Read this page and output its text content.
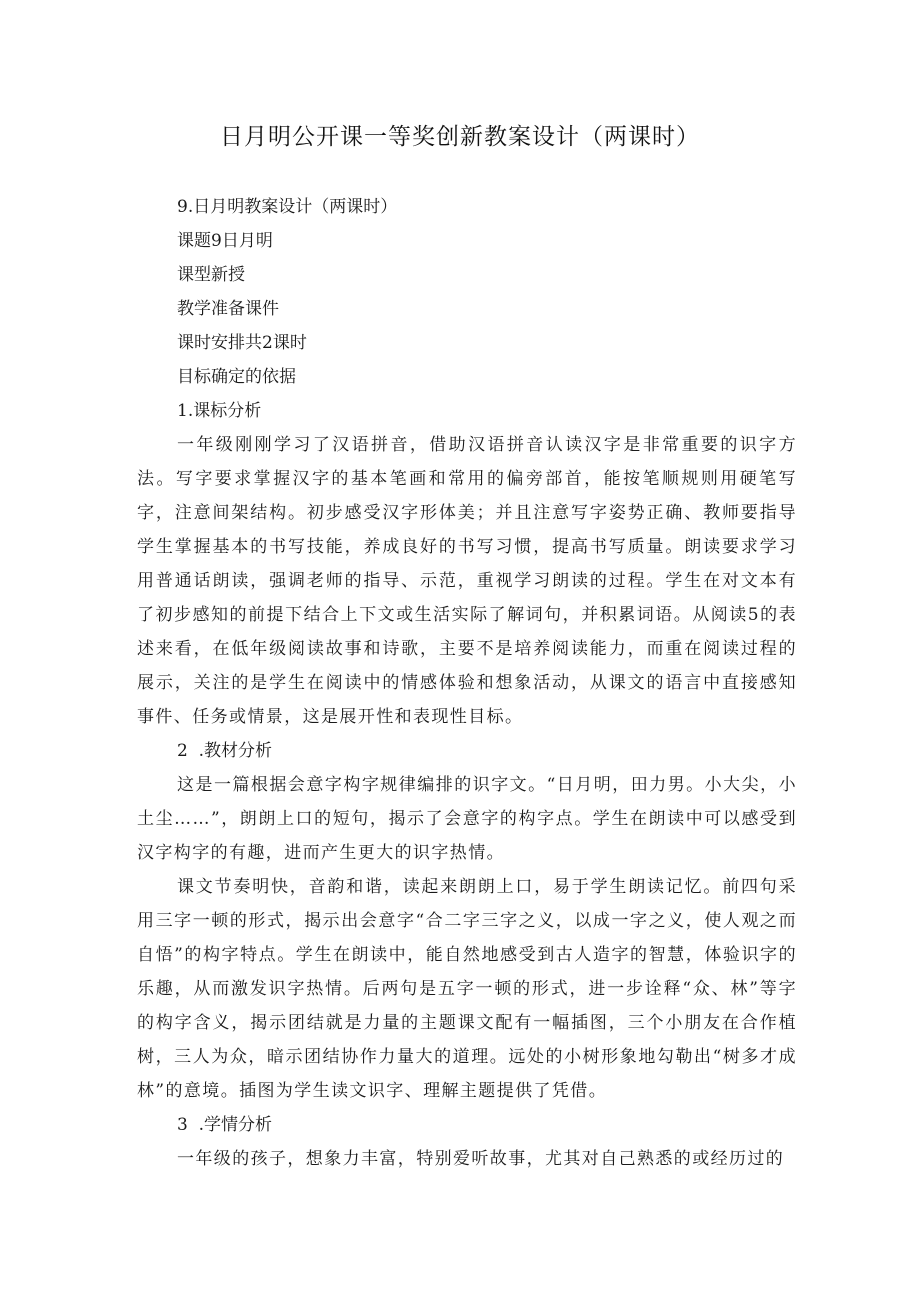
日月明公开课一等奖创新教案设计（两课时）

9.日月明教案设计（两课时）

课题9日月明

课型新授

教学准备课件

课时安排共2课时

目标确定的依据

1.课标分析

一年级刚刚学习了汉语拼音，借助汉语拼音认读汉字是非常重要的识字方法。写字要求掌握汉字的基本笔画和常用的偏旁部首，能按笔顺规则用硬笔写字，注意间架结构。初步感受汉字形体美；并且注意写字姿势正确、教师要指导学生掌握基本的书写技能，养成良好的书写习惯，提高书写质量。朗读要求学习用普通话朗读，强调老师的指导、示范，重视学习朗读的过程。学生在对文本有了初步感知的前提下结合上下文或生活实际了解词句，并积累词语。从阅读5的表述来看，在低年级阅读故事和诗歌，主要不是培养阅读能力，而重在阅读过程的展示，关注的是学生在阅读中的情感体验和想象活动，从课文的语言中直接感知事件、任务或情景，这是展开性和表现性目标。

2  .教材分析

这是一篇根据会意字构字规律编排的识字文。“日月明，田力男。小大尖，小土尘……”，朗朗上口的短句，揭示了会意字的构字点。学生在朗读中可以感受到汉字构字的有趣，进而产生更大的识字热情。

课文节奏明快，音韵和谐，读起来朗朗上口，易于学生朗读记忆。前四句采用三字一顿的形式，揭示出会意字“合二字三字之义，以成一字之义，使人观之而自悟”的构字特点。学生在朗读中，能自然地感受到古人造字的智慧，体验识字的乐趣，从而激发识字热情。后两句是五字一顿的形式，进一步诠释“众、林”等字的构字含义，揭示团结就是力量的主题课文配有一幅插图，三个小朋友在合作植树，三人为众，暗示团结协作力量大的道理。远处的小树形象地勾勒出“树多才成林”的意境。插图为学生读文识字、理解主题提供了凭借。

3  .学情分析

一年级的孩子，想象力丰富，特别爱听故事，尤其对自己熟悉的或经历过的
